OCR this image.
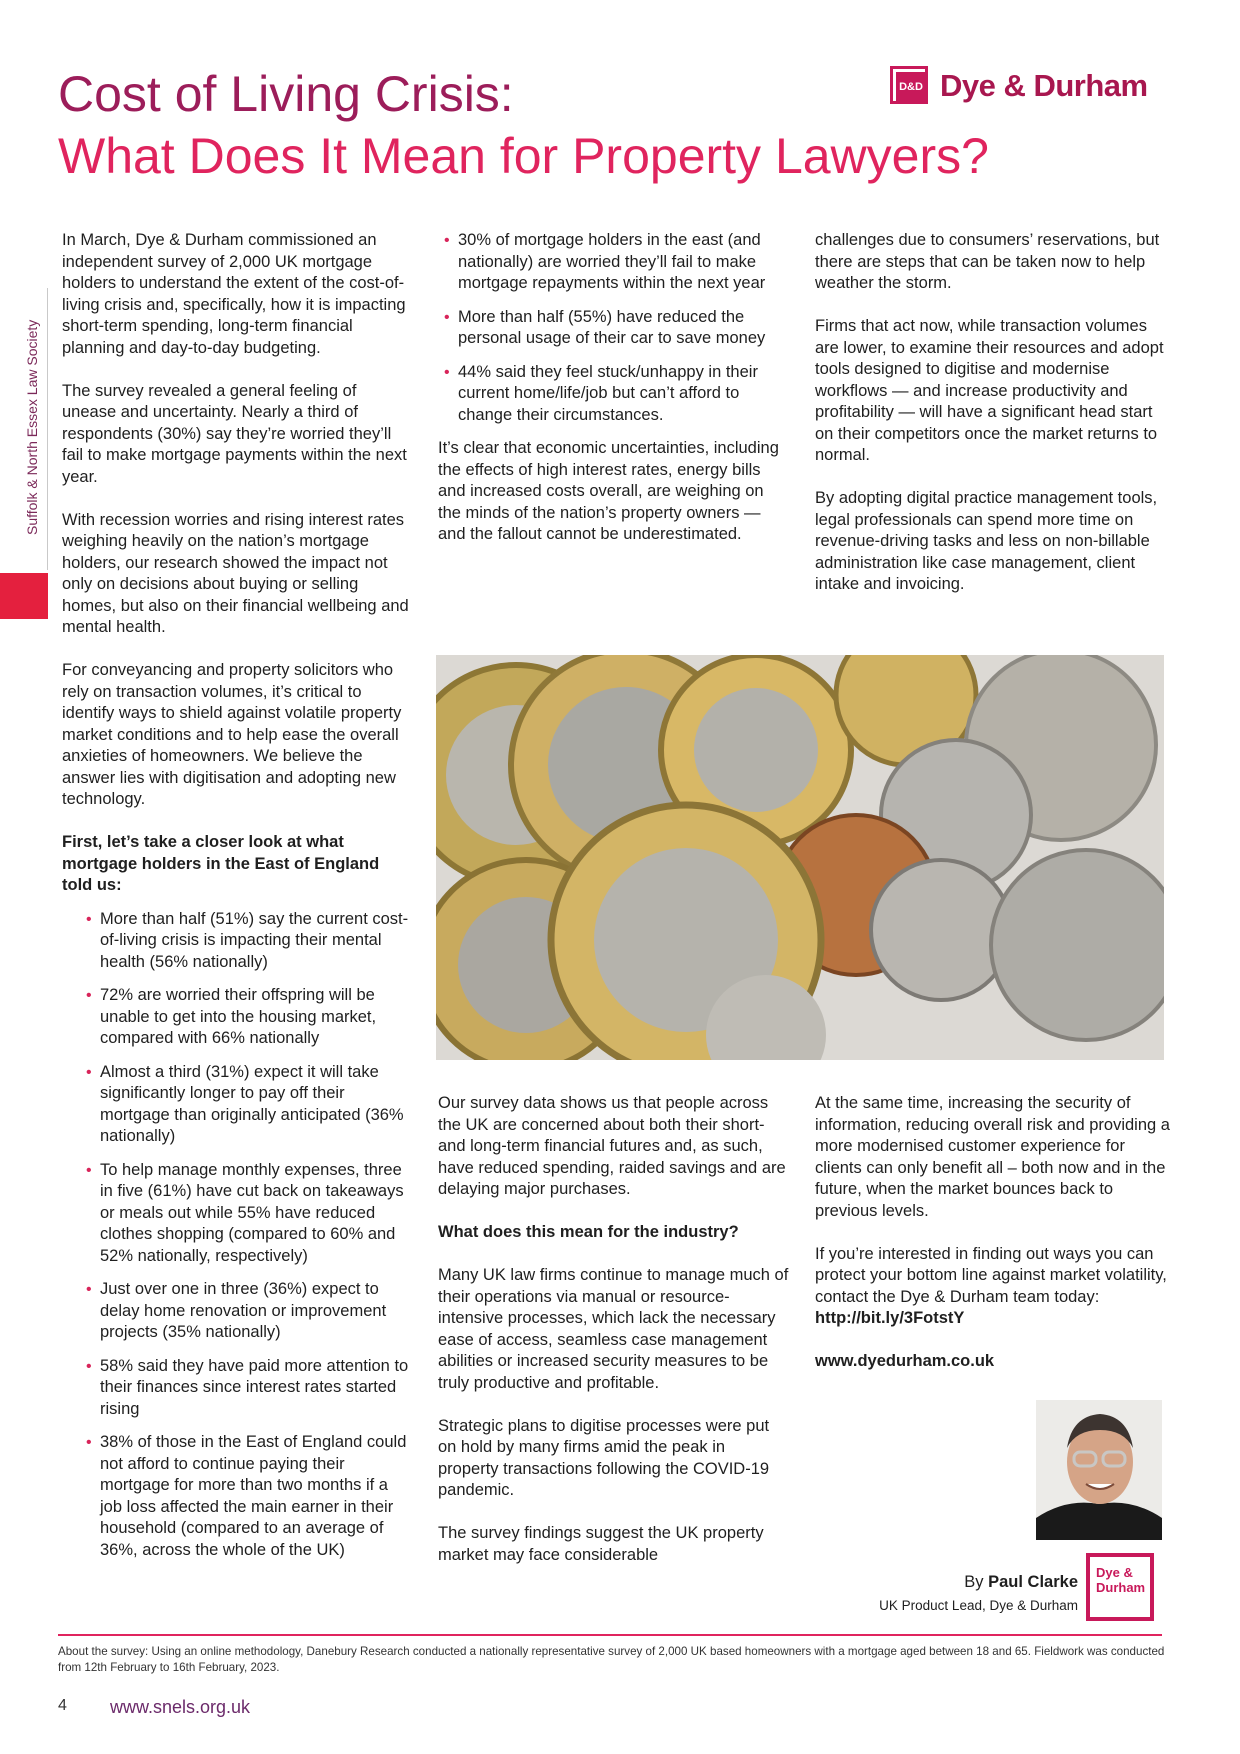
Cost of Living Crisis:
What Does It Mean for Property Lawyers?
D&D Dye & Durham
Suffolk & North Essex Law Society

In March, Dye & Durham commissioned an independent survey of 2,000 UK mortgage holders to understand the extent of the cost-of-living crisis and, specifically, how it is impacting short-term spending, long-term financial planning and day-to-day budgeting.

The survey revealed a general feeling of unease and uncertainty. Nearly a third of respondents (30%) say they’re worried they’ll fail to make mortgage payments within the next year.

With recession worries and rising interest rates weighing heavily on the nation’s mortgage holders, our research showed the impact not only on decisions about buying or selling homes, but also on their financial wellbeing and mental health.

For conveyancing and property solicitors who rely on transaction volumes, it’s critical to identify ways to shield against volatile property market conditions and to help ease the overall anxieties of homeowners. We believe the answer lies with digitisation and adopting new technology.

First, let’s take a closer look at what mortgage holders in the East of England told us:
• More than half (51%) say the current cost-of-living crisis is impacting their mental health (56% nationally)
• 72% are worried their offspring will be unable to get into the housing market, compared with 66% nationally
• Almost a third (31%) expect it will take significantly longer to pay off their mortgage than originally anticipated (36% nationally)
• To help manage monthly expenses, three in five (61%) have cut back on takeaways or meals out while 55% have reduced clothes shopping (compared to 60% and 52% nationally, respectively)
• Just over one in three (36%) expect to delay home renovation or improvement projects (35% nationally)
• 58% said they have paid more attention to their finances since interest rates started rising
• 38% of those in the East of England could not afford to continue paying their mortgage for more than two months if a job loss affected the main earner in their household (compared to an average of 36%, across the whole of the UK)
• 30% of mortgage holders in the east (and nationally) are worried they’ll fail to make mortgage repayments within the next year
• More than half (55%) have reduced the personal usage of their car to save money
• 44% said they feel stuck/unhappy in their current home/life/job but can’t afford to change their circumstances.

It’s clear that economic uncertainties, including the effects of high interest rates, energy bills and increased costs overall, are weighing on the minds of the nation’s property owners — and the fallout cannot be underestimated.

challenges due to consumers’ reservations, but there are steps that can be taken now to help weather the storm.

Firms that act now, while transaction volumes are lower, to examine their resources and adopt tools designed to digitise and modernise workflows — and increase productivity and profitability — will have a significant head start on their competitors once the market returns to normal.

By adopting digital practice management tools, legal professionals can spend more time on revenue-driving tasks and less on non-billable administration like case management, client intake and invoicing.

Our survey data shows us that people across the UK are concerned about both their short- and long-term financial futures and, as such, have reduced spending, raided savings and are delaying major purchases.

What does this mean for the industry?

Many UK law firms continue to manage much of their operations via manual or resource-intensive processes, which lack the necessary ease of access, seamless case management abilities or increased security measures to be truly productive and profitable.

Strategic plans to digitise processes were put on hold by many firms amid the peak in property transactions following the COVID-19 pandemic.

The survey findings suggest the UK property market may face considerable

At the same time, increasing the security of information, reducing overall risk and providing a more modernised customer experience for clients can only benefit all – both now and in the future, when the market bounces back to previous levels.

If you’re interested in finding out ways you can protect your bottom line against market volatility, contact the Dye & Durham team today: http://bit.ly/3FotstY

www.dyedurham.co.uk

By Paul Clarke
UK Product Lead, Dye & Durham
Dye &
Durham
About the survey: Using an online methodology, Danebury Research conducted a nationally representative survey of 2,000 UK based homeowners with a mortgage aged between 18 and 65. Fieldwork was conducted from 12th February to 16th February, 2023.
4 www.snels.org.uk
